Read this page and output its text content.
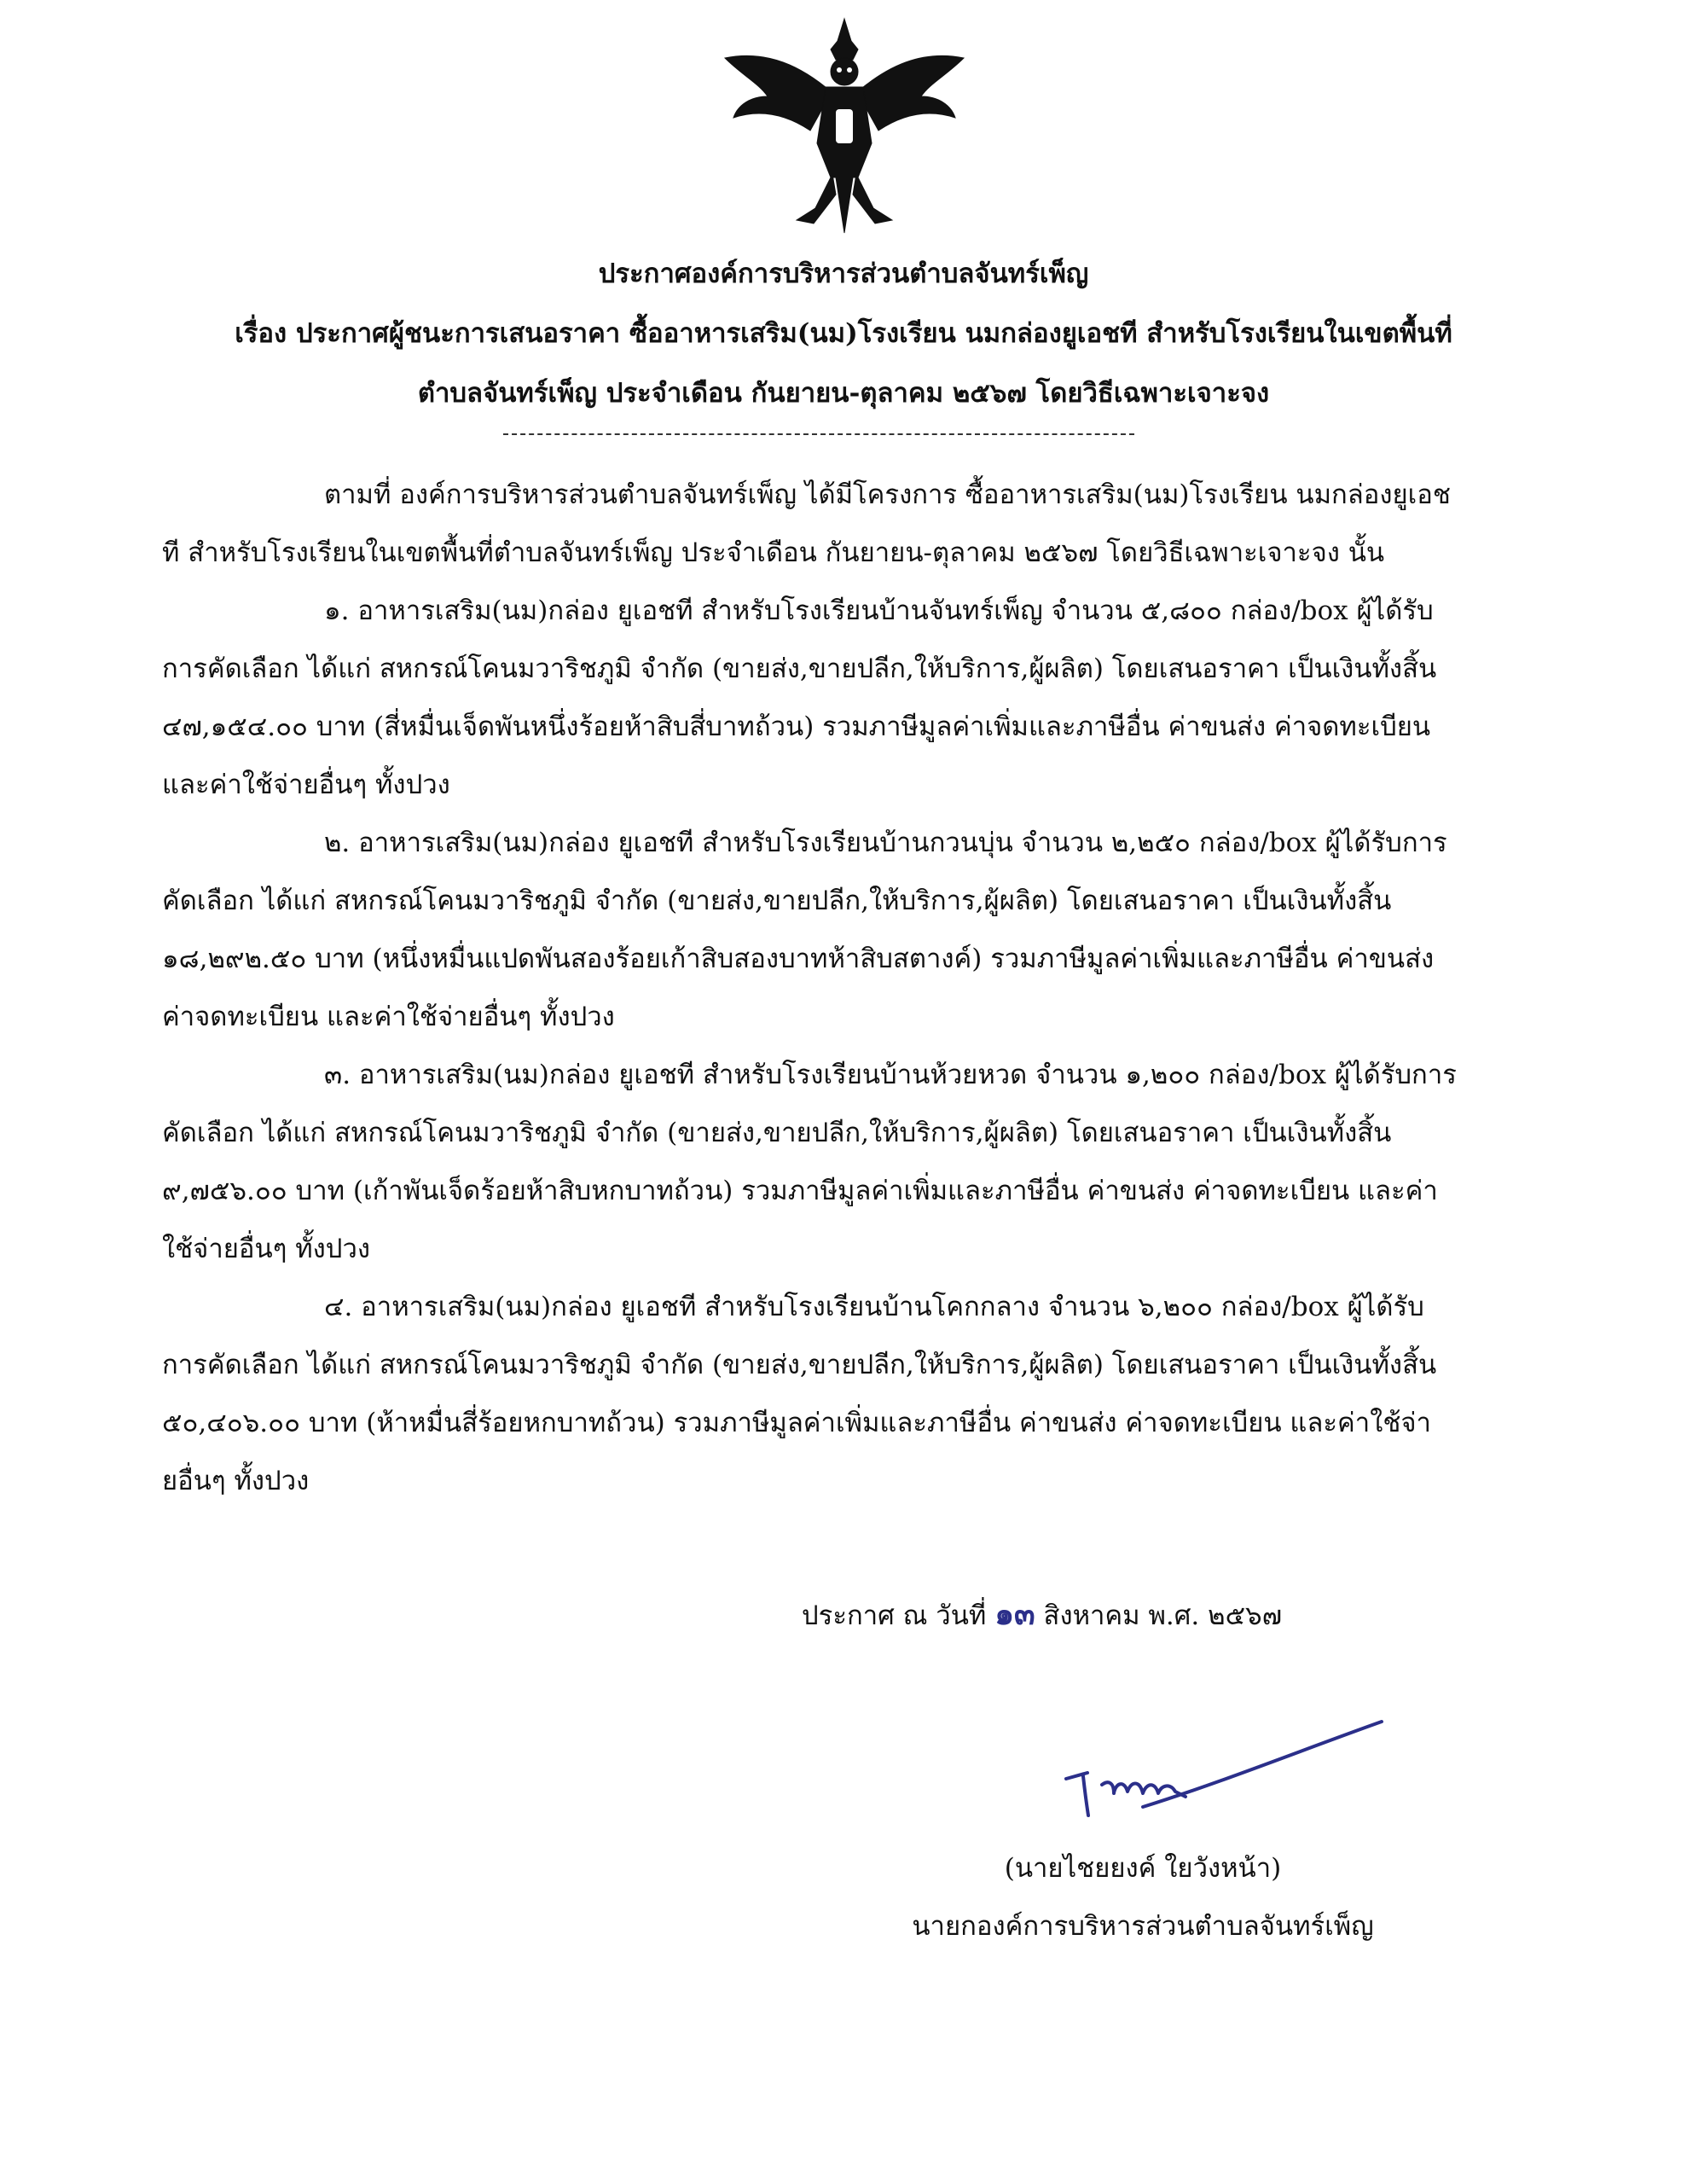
ประกาศองค์การบริหารส่วนตำบลจันทร์เพ็ญ
เรื่อง ประกาศผู้ชนะการเสนอราคา ซื้ออาหารเสริม(นม)โรงเรียน นมกล่องยูเอชที สำหรับโรงเรียนในเขตพื้นที่
ตำบลจันทร์เพ็ญ ประจำเดือน กันยายน-ตุลาคม ๒๕๖๗ โดยวิธีเฉพาะเจาะจง

ตามที่ องค์การบริหารส่วนตำบลจันทร์เพ็ญ ได้มีโครงการ ซื้ออาหารเสริม(นม)โรงเรียน นมกล่องยูเอชที สำหรับโรงเรียนในเขตพื้นที่ตำบลจันทร์เพ็ญ ประจำเดือน กันยายน-ตุลาคม ๒๕๖๗ โดยวิธีเฉพาะเจาะจง นั้น

๑. อาหารเสริม(นม)กล่อง ยูเอชที สำหรับโรงเรียนบ้านจันทร์เพ็ญ จำนวน ๕,๘๐๐ กล่อง/box ผู้ได้รับการคัดเลือก ได้แก่ สหกรณ์โคนมวาริชภูมิ จำกัด (ขายส่ง,ขายปลีก,ให้บริการ,ผู้ผลิต) โดยเสนอราคา เป็นเงินทั้งสิ้น ๔๗,๑๕๔.๐๐ บาท (สี่หมื่นเจ็ดพันหนึ่งร้อยห้าสิบสี่บาทถ้วน) รวมภาษีมูลค่าเพิ่มและภาษีอื่น ค่าขนส่ง ค่าจดทะเบียน และค่าใช้จ่ายอื่นๆ ทั้งปวง

๒. อาหารเสริม(นม)กล่อง ยูเอชที สำหรับโรงเรียนบ้านกวนบุ่น จำนวน ๒,๒๕๐ กล่อง/box ผู้ได้รับการคัดเลือก ได้แก่ สหกรณ์โคนมวาริชภูมิ จำกัด (ขายส่ง,ขายปลีก,ให้บริการ,ผู้ผลิต) โดยเสนอราคา เป็นเงินทั้งสิ้น ๑๘,๒๙๒.๕๐ บาท (หนึ่งหมื่นแปดพันสองร้อยเก้าสิบสองบาทห้าสิบสตางค์) รวมภาษีมูลค่าเพิ่มและภาษีอื่น ค่าขนส่ง ค่าจดทะเบียน และค่าใช้จ่ายอื่นๆ ทั้งปวง

๓. อาหารเสริม(นม)กล่อง ยูเอชที สำหรับโรงเรียนบ้านห้วยหวด จำนวน ๑,๒๐๐ กล่อง/box ผู้ได้รับการคัดเลือก ได้แก่ สหกรณ์โคนมวาริชภูมิ จำกัด (ขายส่ง,ขายปลีก,ให้บริการ,ผู้ผลิต) โดยเสนอราคา เป็นเงินทั้งสิ้น ๙,๗๕๖.๐๐ บาท (เก้าพันเจ็ดร้อยห้าสิบหกบาทถ้วน) รวมภาษีมูลค่าเพิ่มและภาษีอื่น ค่าขนส่ง ค่าจดทะเบียน และค่าใช้จ่ายอื่นๆ ทั้งปวง

๔. อาหารเสริม(นม)กล่อง ยูเอชที สำหรับโรงเรียนบ้านโคกกลาง จำนวน ๖,๒๐๐ กล่อง/box ผู้ได้รับการคัดเลือก ได้แก่ สหกรณ์โคนมวาริชภูมิ จำกัด (ขายส่ง,ขายปลีก,ให้บริการ,ผู้ผลิต) โดยเสนอราคา เป็นเงินทั้งสิ้น ๕๐,๔๐๖.๐๐ บาท (ห้าหมื่นสี่ร้อยหกบาทถ้วน) รวมภาษีมูลค่าเพิ่มและภาษีอื่น ค่าขนส่ง ค่าจดทะเบียน และค่าใช้จ่ายอื่นๆ ทั้งปวง

ประกาศ ณ วันที่ ๑๓ สิงหาคม พ.ศ. ๒๕๖๗
(นายไชยยงค์ ใยวังหน้า)
นายกองค์การบริหารส่วนตำบลจันทร์เพ็ญ
